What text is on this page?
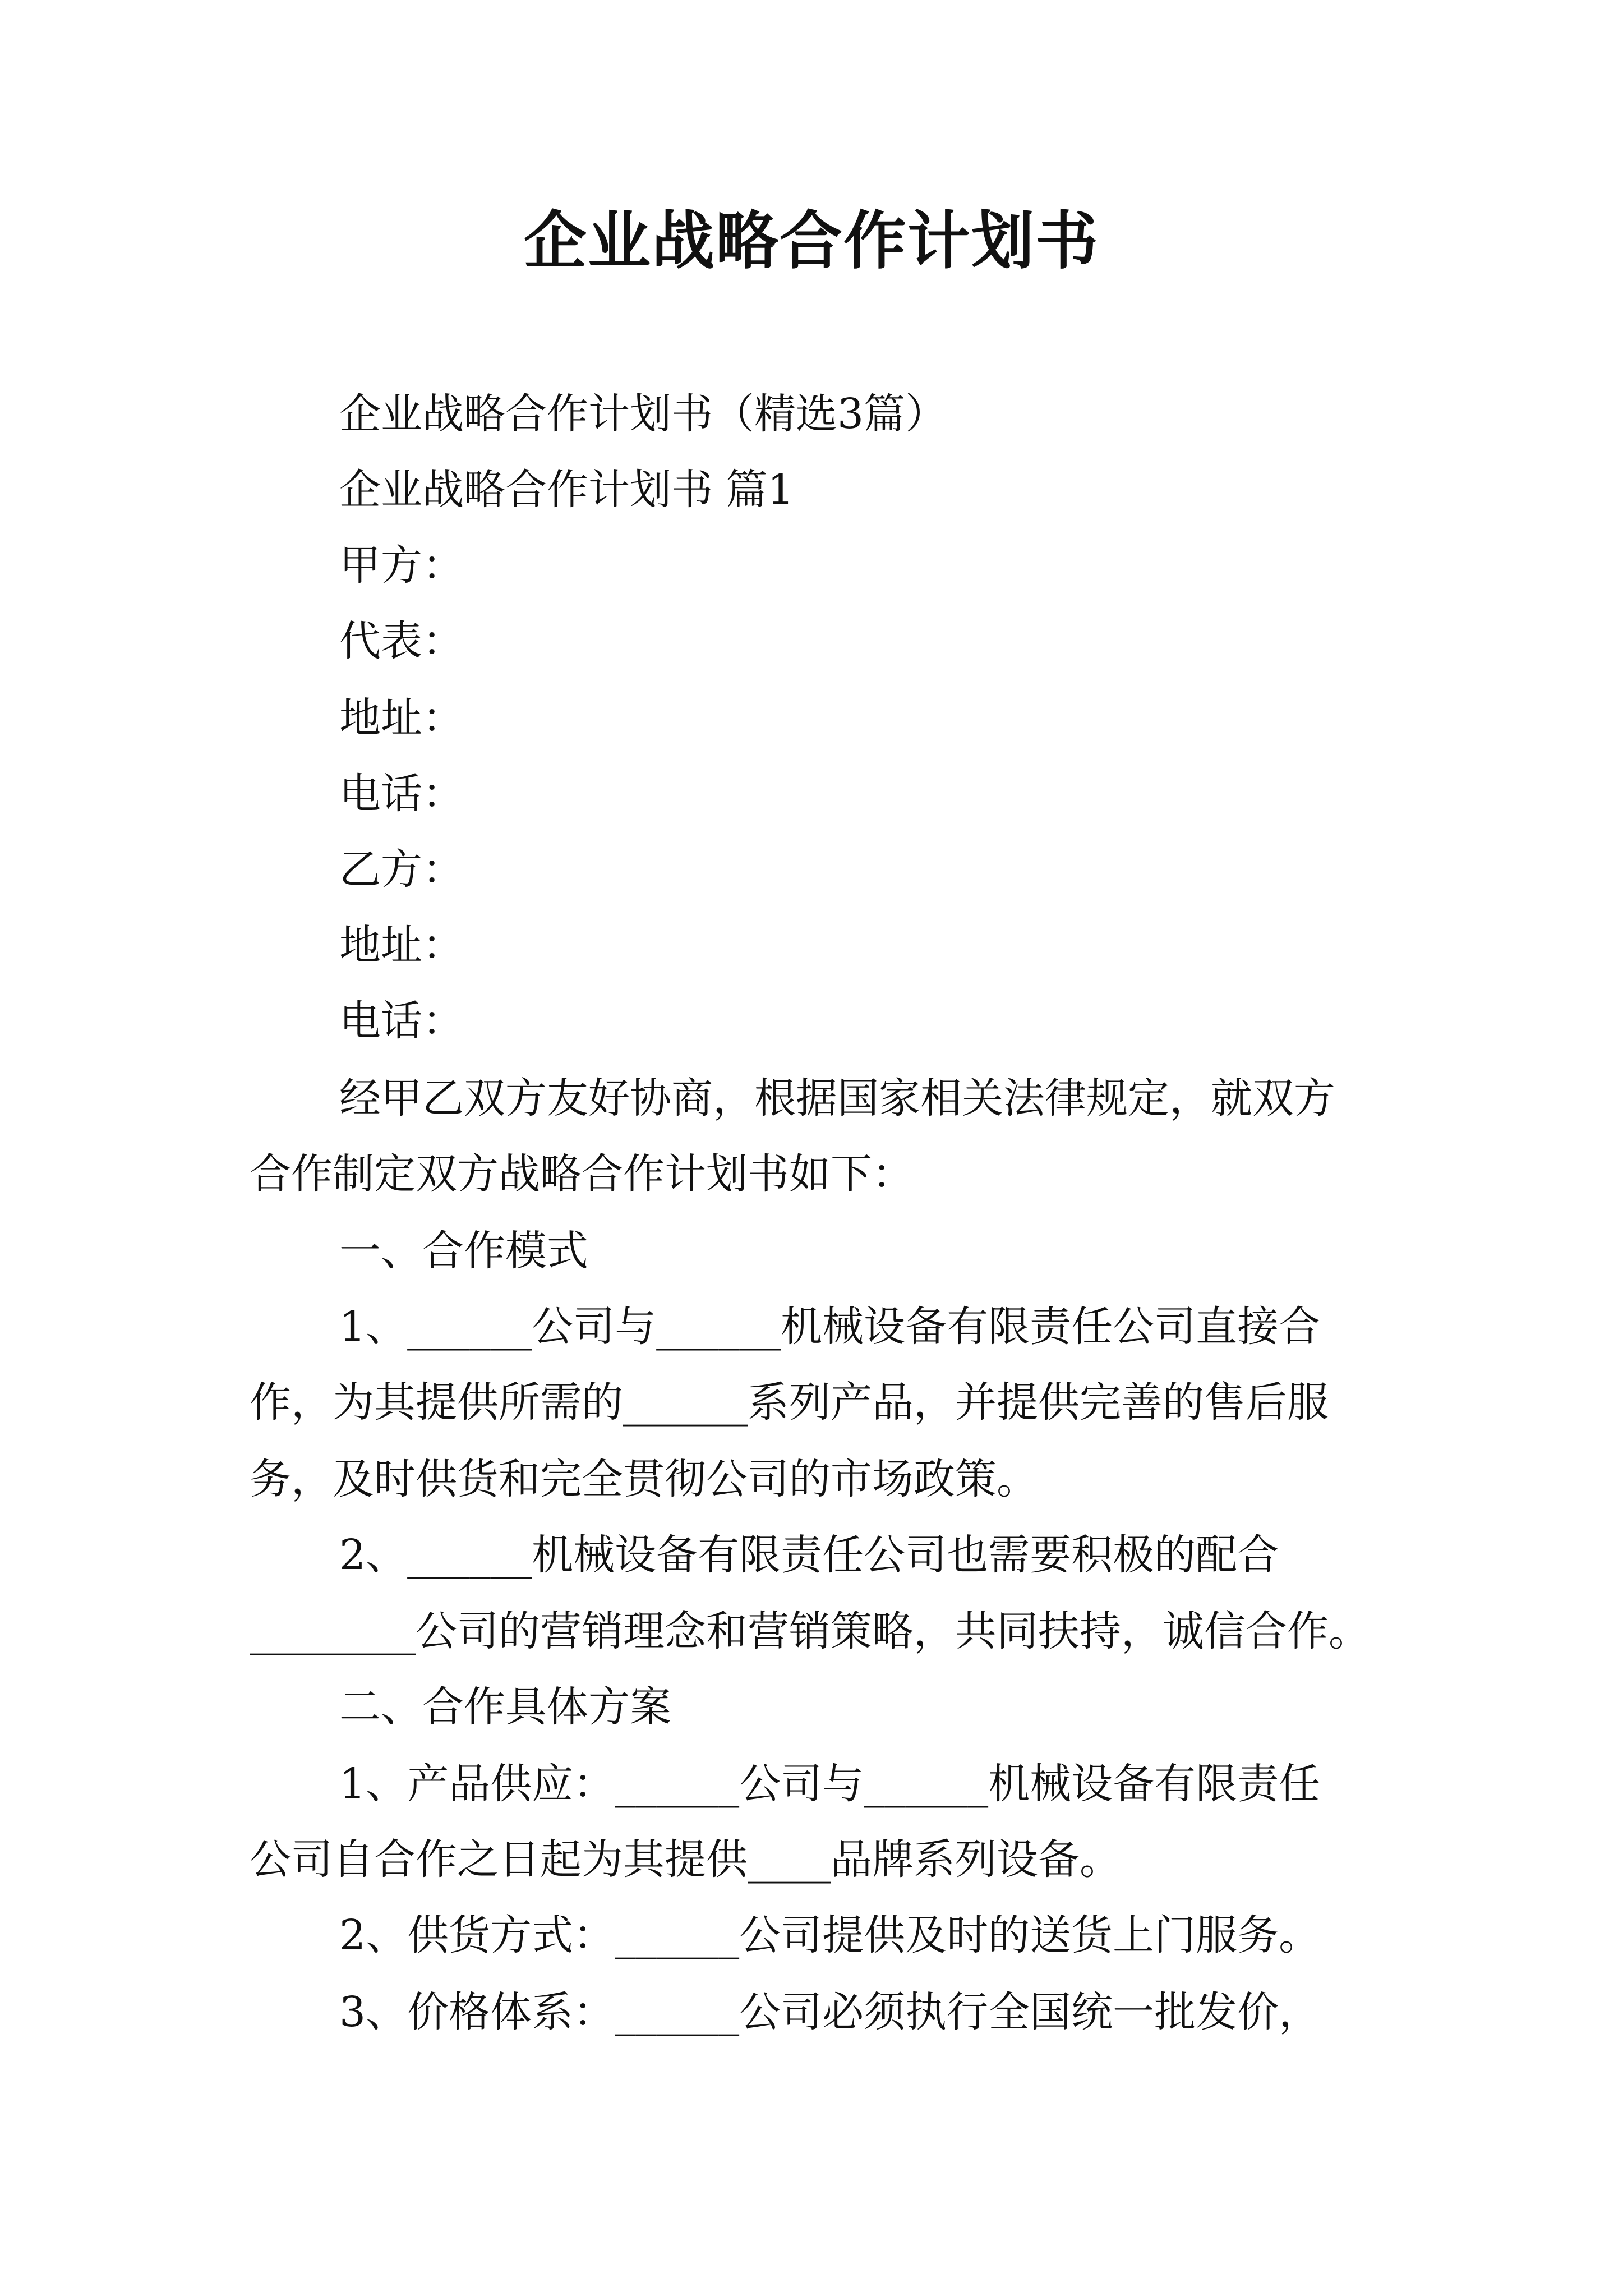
企业战略合作计划书
企业战略合作计划书（精选3篇）
企业战略合作计划书 篇1
甲方：
代表：
地址：
电话：
乙方：
地址：
电话：
经甲乙双方友好协商，根据国家相关法律规定，就双方
合作制定双方战略合作计划书如下：
一、合作模式
1、______公司与______机械设备有限责任公司直接合
作，为其提供所需的______系列产品，并提供完善的售后服
务，及时供货和完全贯彻公司的市场政策。
2、______机械设备有限责任公司也需要积极的配合
________公司的营销理念和营销策略，共同扶持，诚信合作。
二、合作具体方案
1、产品供应：______公司与______机械设备有限责任
公司自合作之日起为其提供____品牌系列设备。
2、供货方式：______公司提供及时的送货上门服务。
3、价格体系：______公司必须执行全国统一批发价，
